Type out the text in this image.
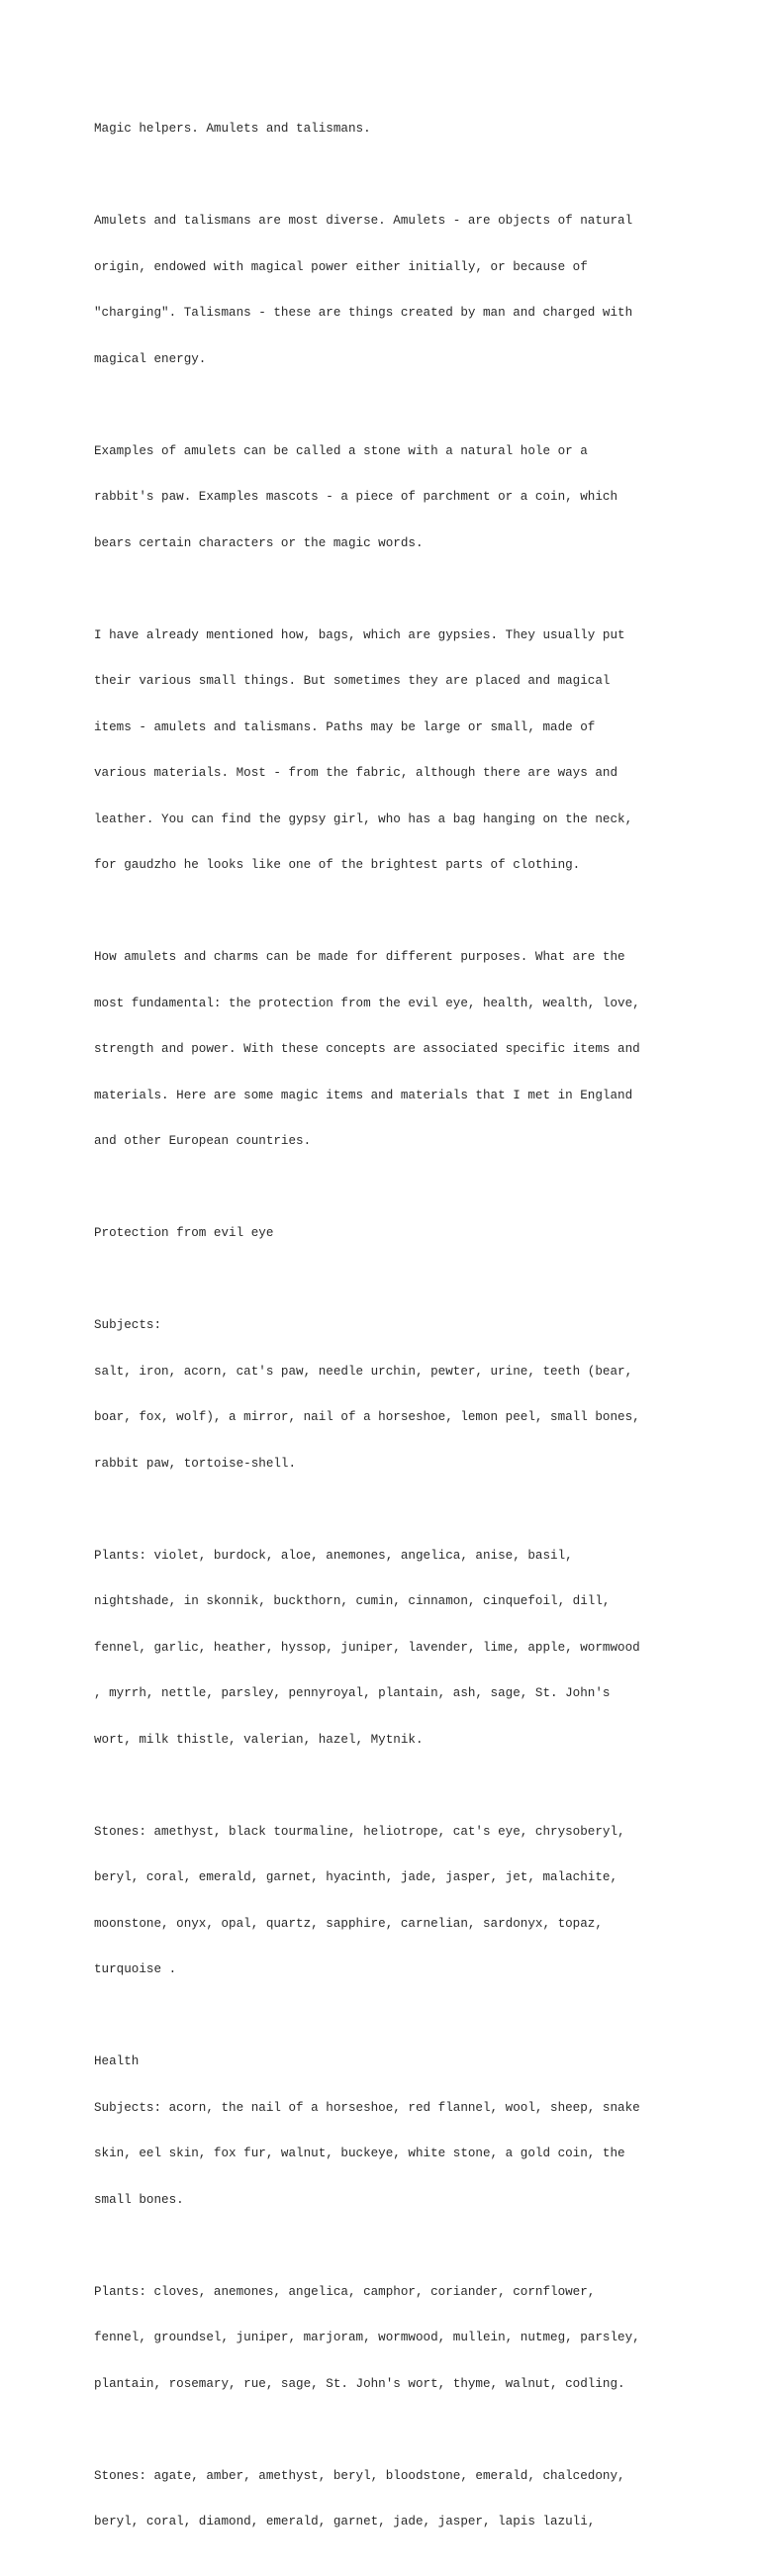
Magic helpers. Amulets and talismans.

Amulets and talismans are most diverse. Amulets - are objects of natural

origin, endowed with magical power either initially, or because of

"charging". Talismans - these are things created by man and charged with

magical energy.

Examples of amulets can be called a stone with a natural hole or a

rabbit's paw. Examples mascots - a piece of parchment or a coin, which

bears certain characters or the magic words.

I have already mentioned how, bags, which are gypsies. They usually put

their various small things. But sometimes they are placed and magical

items - amulets and talismans. Paths may be large or small, made of

various materials. Most - from the fabric, although there are ways and

leather. You can find the gypsy girl, who has a bag hanging on the neck,

for gaudzho he looks like one of the brightest parts of clothing.

How amulets and charms can be made for different purposes. What are the

most fundamental: the protection from the evil eye, health, wealth, love,

strength and power. With these concepts are associated specific items and

materials. Here are some magic items and materials that I met in England

and other European countries.

Protection from evil eye

Subjects:

salt, iron, acorn, cat's paw, needle urchin, pewter, urine, teeth (bear,

boar, fox, wolf), a mirror, nail of a horseshoe, lemon peel, small bones,

rabbit paw, tortoise-shell.

Plants: violet, burdock, aloe, anemones, angelica, anise, basil,

nightshade, in skonnik, buckthorn, cumin, cinnamon, cinquefoil, dill,

fennel, garlic, heather, hyssop, juniper, lavender, lime, apple, wormwood

, myrrh, nettle, parsley, pennyroyal, plantain, ash, sage, St. John's

wort, milk thistle, valerian, hazel, Mytnik.

Stones: amethyst, black tourmaline, heliotrope, cat's eye, chrysoberyl,

beryl, coral, emerald, garnet, hyacinth, jade, jasper, jet, malachite,

moonstone, onyx, opal, quartz, sapphire, carnelian, sardonyx, topaz,

turquoise .

Health

Subjects: acorn, the nail of a horseshoe, red flannel, wool, sheep, snake

skin, eel skin, fox fur, walnut, buckeye, white stone, a gold coin, the

small bones.

Plants: cloves, anemones, angelica, camphor, coriander, cornflower,

fennel, groundsel, juniper, marjoram, wormwood, mullein, nutmeg, parsley,

plantain, rosemary, rue, sage, St. John's wort, thyme, walnut, codling.

Stones: agate, amber, amethyst, beryl, bloodstone, emerald, chalcedony,

beryl, coral, diamond, emerald, garnet, jade, jasper, lapis lazuli,
